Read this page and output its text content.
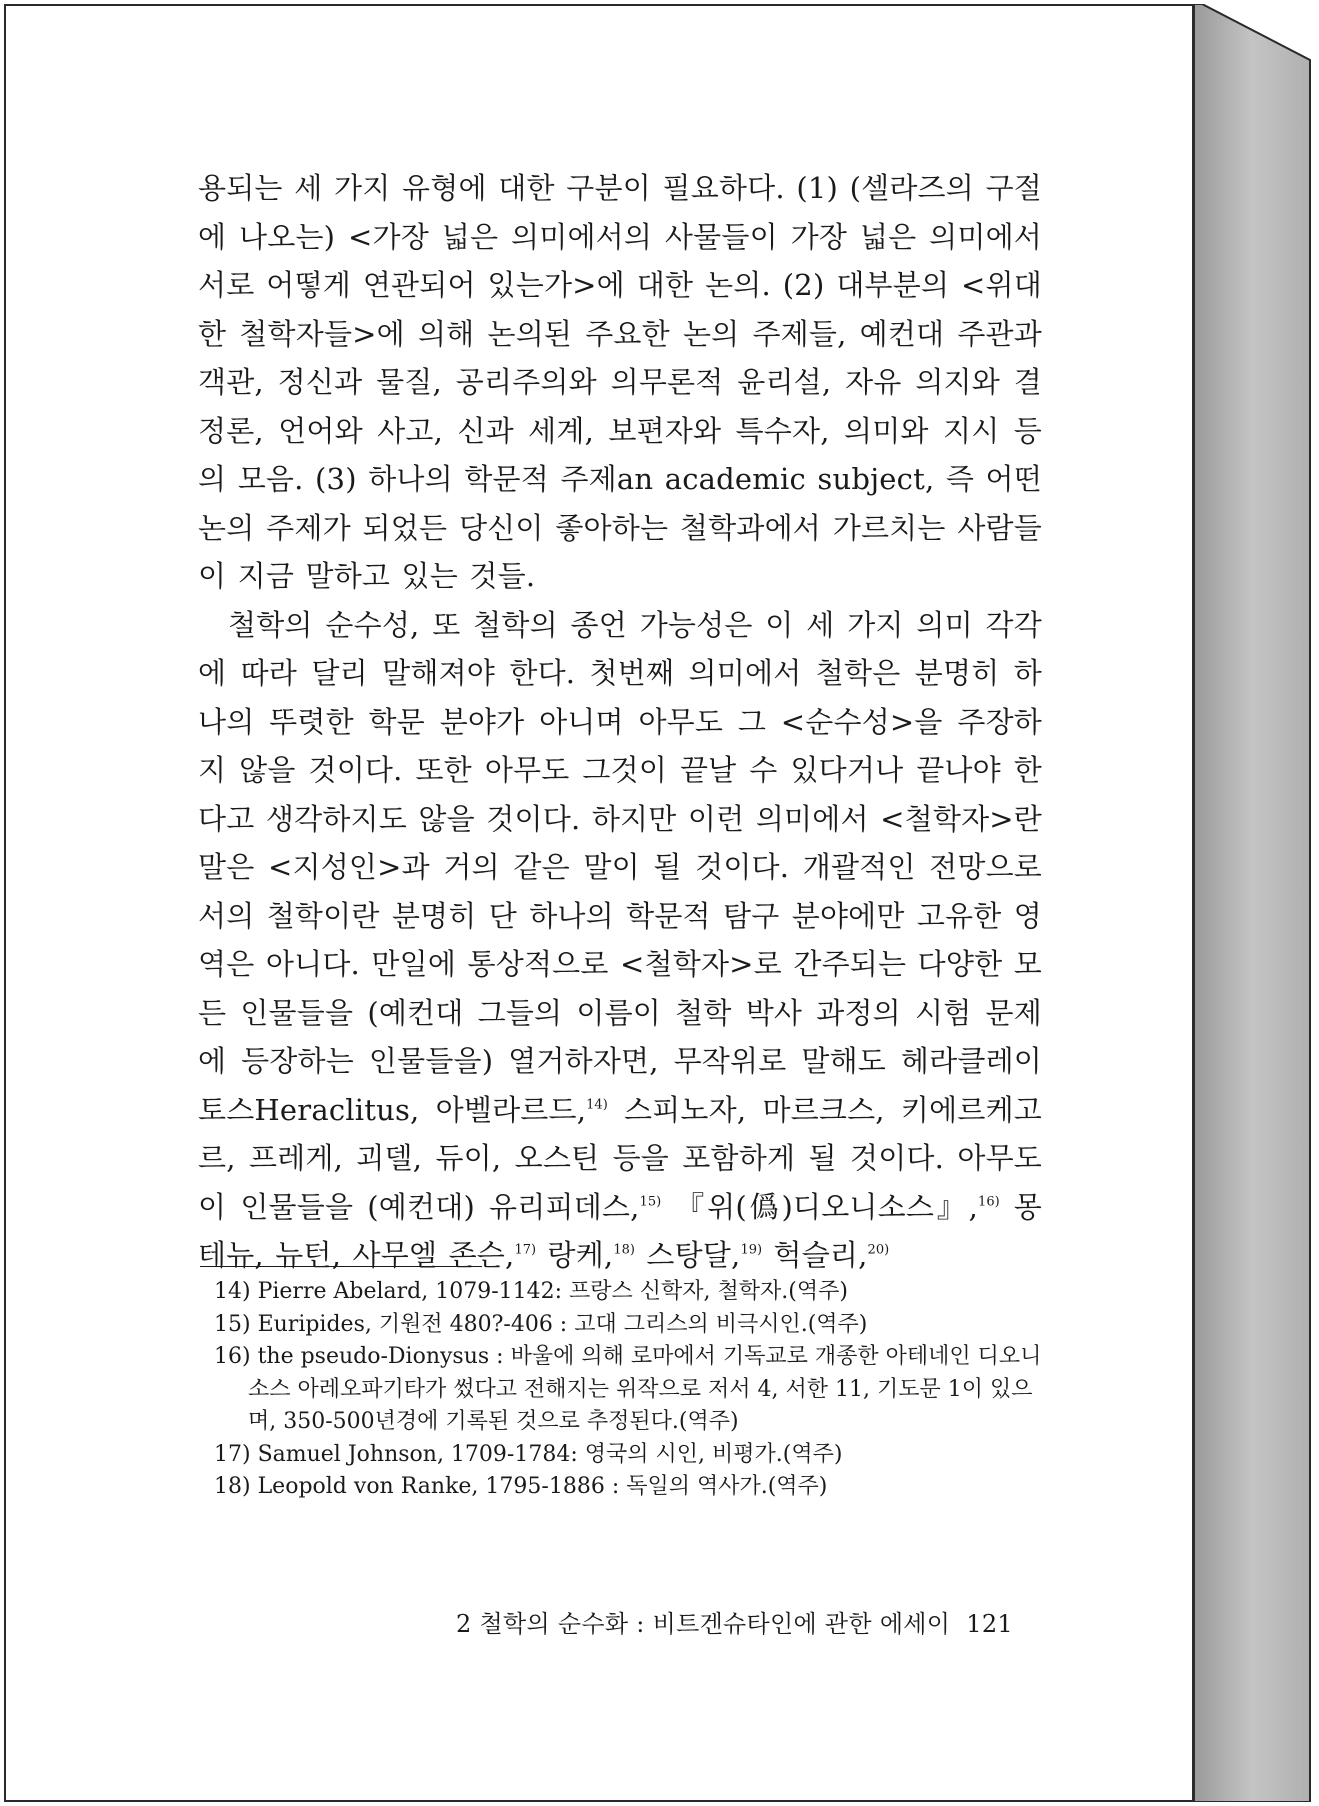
용되는 세 가지 유형에 대한 구분이 필요하다. (1) (셀라즈의 구절에 나오는) <가장 넓은 의미에서의 사물들이 가장 넓은 의미에서 서로 어떻게 연관되어 있는가>에 대한 논의. (2) 대부분의 <위대한 철학자들>에 의해 논의된 주요한 논의 주제들, 예컨대 주관과 객관, 정신과 물질, 공리주의와 의무론적 윤리설, 자유 의지와 결정론, 언어와 사고, 신과 세계, 보편자와 특수자, 의미와 지시 등의 모음. (3) 하나의 학문적 주제an academic subject, 즉 어떤 논의 주제가 되었든 당신이 좋아하는 철학과에서 가르치는 사람들이 지금 말하고 있는 것들.

철학의 순수성, 또 철학의 종언 가능성은 이 세 가지 의미 각각에 따라 달리 말해져야 한다. 첫번째 의미에서 철학은 분명히 하나의 뚜렷한 학문 분야가 아니며 아무도 그 <순수성>을 주장하지 않을 것이다. 또한 아무도 그것이 끝날 수 있다거나 끝나야 한다고 생각하지도 않을 것이다. 하지만 이런 의미에서 <철학자>란 말은 <지성인>과 거의 같은 말이 될 것이다. 개괄적인 전망으로서의 철학이란 분명히 단 하나의 학문적 탐구 분야에만 고유한 영역은 아니다. 만일에 통상적으로 <철학자>로 간주되는 다양한 모든 인물들을 (예컨대 그들의 이름이 철학 박사 과정의 시험 문제에 등장하는 인물들을) 열거하자면, 무작위로 말해도 헤라클레이토스Heraclitus, 아벨라르드,$^{14)}$ 스피노자, 마르크스, 키에르케고르, 프레게, 괴델, 듀이, 오스틴 등을 포함하게 될 것이다. 아무도 이 인물들을 (예컨대) 유리피데스,$^{15)}$ 『위(僞)디오니소스』,$^{16)}$ 몽테뉴, 뉴턴, 사무엘 존슨,$^{17)}$ 랑케,$^{18)}$ 스탕달,$^{19)}$ 헉슬리,$^{20)}$

14) Pierre Abelard, 1079-1142: 프랑스 신학자, 철학자.(역주)

15) Euripides, 기원전 480?-406 : 고대 그리스의 비극시인.(역주)

16) the pseudo-Dionysus : 바울에 의해 로마에서 기독교로 개종한 아테네인 디오니소스 아레오파기타가 썼다고 전해지는 위작으로 저서 4, 서한 11, 기도문 1이 있으며, 350-500년경에 기록된 것으로 추정된다.(역주)

17) Samuel Johnson, 1709-1784: 영국의 시인, 비평가.(역주)

18) Leopold von Ranke, 1795-1886 : 독일의 역사가.(역주)

2 철학의 순수화 : 비트겐슈타인에 관한 에세이 121
